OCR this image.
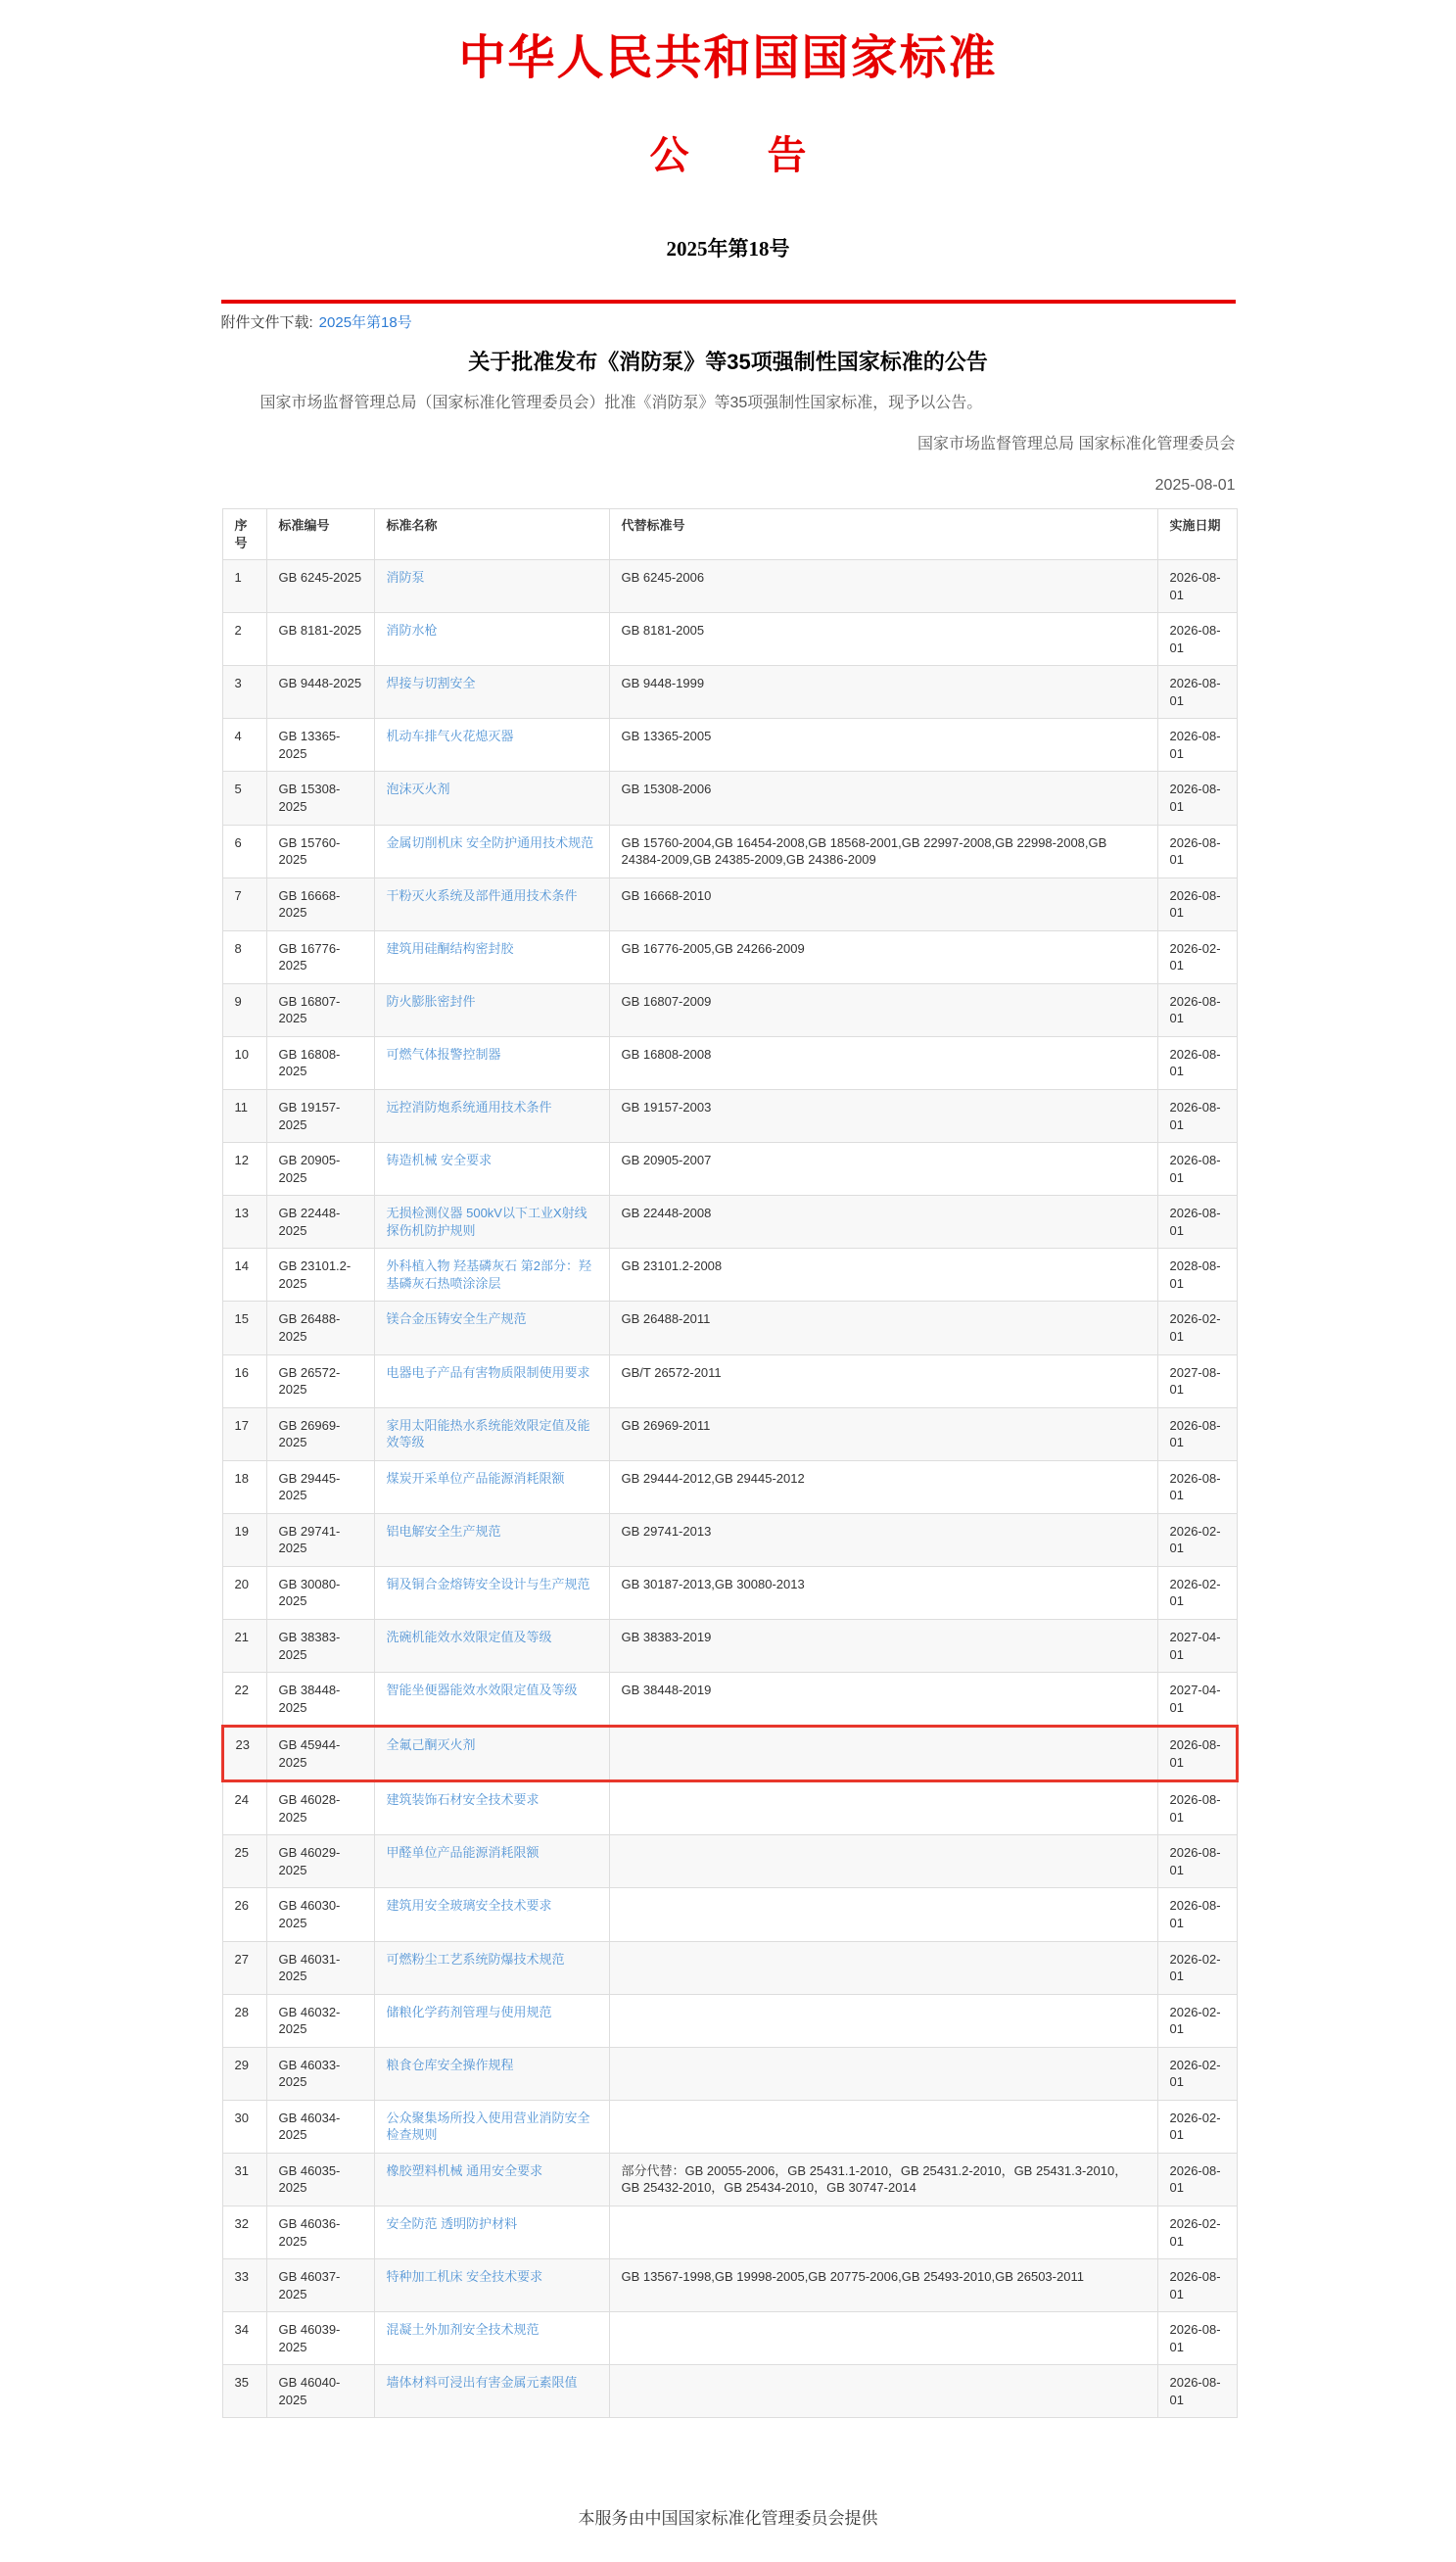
中华人民共和国国家标准
公　　告
2025年第18号
附件文件下载: 2025年第18号
关于批准发布《消防泵》等35项强制性国家标准的公告
国家市场监督管理总局（国家标准化管理委员会）批准《消防泵》等35项强制性国家标准，现予以公告。
国家市场监督管理总局 国家标准化管理委员会
2025-08-01
序号	标准编号	标准名称	代替标准号	实施日期
1	GB 6245-2025	消防泵	GB 6245-2006	2026-08-01
2	GB 8181-2025	消防水枪	GB 8181-2005	2026-08-01
3	GB 9448-2025	焊接与切割安全	GB 9448-1999	2026-08-01
4	GB 13365-2025	机动车排气火花熄灭器	GB 13365-2005	2026-08-01
5	GB 15308-2025	泡沫灭火剂	GB 15308-2006	2026-08-01
6	GB 15760-2025	金属切削机床 安全防护通用技术规范	GB 15760-2004,GB 16454-2008,GB 18568-2001,GB 22997-2008,GB 22998-2008,GB 24384-2009,GB 24385-2009,GB 24386-2009	2026-08-01
7	GB 16668-2025	干粉灭火系统及部件通用技术条件	GB 16668-2010	2026-08-01
8	GB 16776-2025	建筑用硅酮结构密封胶	GB 16776-2005,GB 24266-2009	2026-02-01
9	GB 16807-2025	防火膨胀密封件	GB 16807-2009	2026-08-01
10	GB 16808-2025	可燃气体报警控制器	GB 16808-2008	2026-08-01
11	GB 19157-2025	远控消防炮系统通用技术条件	GB 19157-2003	2026-08-01
12	GB 20905-2025	铸造机械 安全要求	GB 20905-2007	2026-08-01
13	GB 22448-2025	无损检测仪器 500kV以下工业X射线探伤机防护规则	GB 22448-2008	2026-08-01
14	GB 23101.2-2025	外科植入物 羟基磷灰石 第2部分：羟基磷灰石热喷涂涂层	GB 23101.2-2008	2028-08-01
15	GB 26488-2025	镁合金压铸安全生产规范	GB 26488-2011	2026-02-01
16	GB 26572-2025	电器电子产品有害物质限制使用要求	GB/T 26572-2011	2027-08-01
17	GB 26969-2025	家用太阳能热水系统能效限定值及能效等级	GB 26969-2011	2026-08-01
18	GB 29445-2025	煤炭开采单位产品能源消耗限额	GB 29444-2012,GB 29445-2012	2026-08-01
19	GB 29741-2025	铝电解安全生产规范	GB 29741-2013	2026-02-01
20	GB 30080-2025	铜及铜合金熔铸安全设计与生产规范	GB 30187-2013,GB 30080-2013	2026-02-01
21	GB 38383-2025	洗碗机能效水效限定值及等级	GB 38383-2019	2027-04-01
22	GB 38448-2025	智能坐便器能效水效限定值及等级	GB 38448-2019	2027-04-01
23	GB 45944-2025	全氟己酮灭火剂		2026-08-01
24	GB 46028-2025	建筑装饰石材安全技术要求		2026-08-01
25	GB 46029-2025	甲醛单位产品能源消耗限额		2026-08-01
26	GB 46030-2025	建筑用安全玻璃安全技术要求		2026-08-01
27	GB 46031-2025	可燃粉尘工艺系统防爆技术规范		2026-02-01
28	GB 46032-2025	储粮化学药剂管理与使用规范		2026-02-01
29	GB 46033-2025	粮食仓库安全操作规程		2026-02-01
30	GB 46034-2025	公众聚集场所投入使用营业消防安全检查规则		2026-02-01
31	GB 46035-2025	橡胶塑料机械 通用安全要求	部分代替：GB 20055-2006，GB 25431.1-2010，GB 25431.2-2010，GB 25431.3-2010，GB 25432-2010，GB 25434-2010，GB 30747-2014	2026-08-01
32	GB 46036-2025	安全防范 透明防护材料		2026-02-01
33	GB 46037-2025	特种加工机床 安全技术要求	GB 13567-1998,GB 19998-2005,GB 20775-2006,GB 25493-2010,GB 26503-2011	2026-08-01
34	GB 46039-2025	混凝土外加剂安全技术规范		2026-08-01
35	GB 46040-2025	墙体材料可浸出有害金属元素限值		2026-08-01
本服务由中国国家标准化管理委员会提供
